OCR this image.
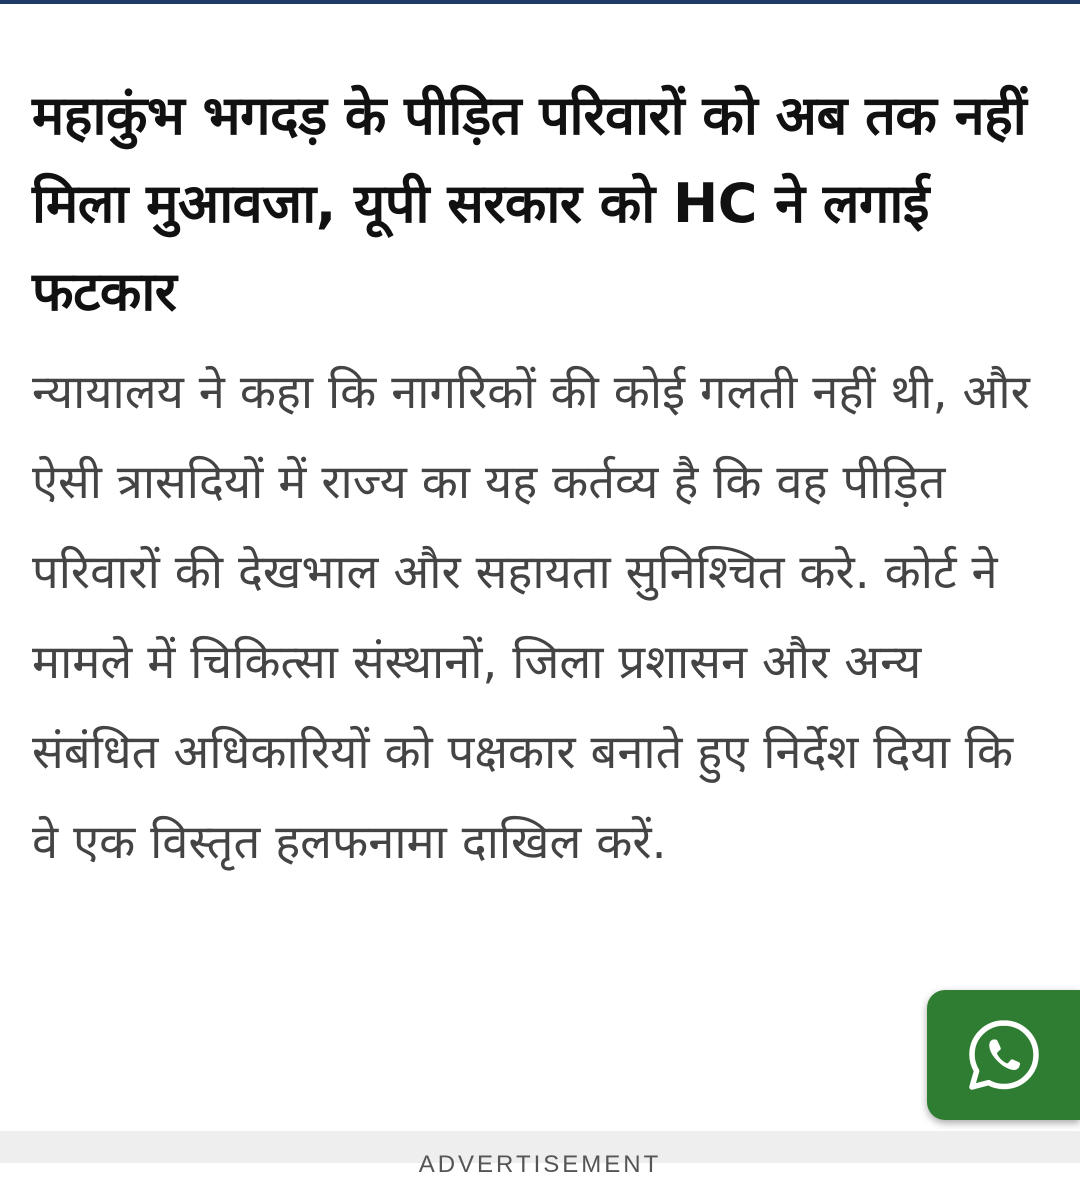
महाकुंभ भगदड़ के पीड़ित परिवारों को अब तक नहीं मिला मुआवजा, यूपी सरकार को HC ने लगाई फटकार

न्यायालय ने कहा कि नागरिकों की कोई गलती नहीं थी, और ऐसी त्रासदियों में राज्य का यह कर्तव्य है कि वह पीड़ित परिवारों की देखभाल और सहायता सुनिश्चित करे. कोर्ट ने मामले में चिकित्सा संस्थानों, जिला प्रशासन और अन्य संबंधित अधिकारियों को पक्षकार बनाते हुए निर्देश दिया कि वे एक विस्तृत हलफनामा दाखिल करें.

ADVERTISEMENT
